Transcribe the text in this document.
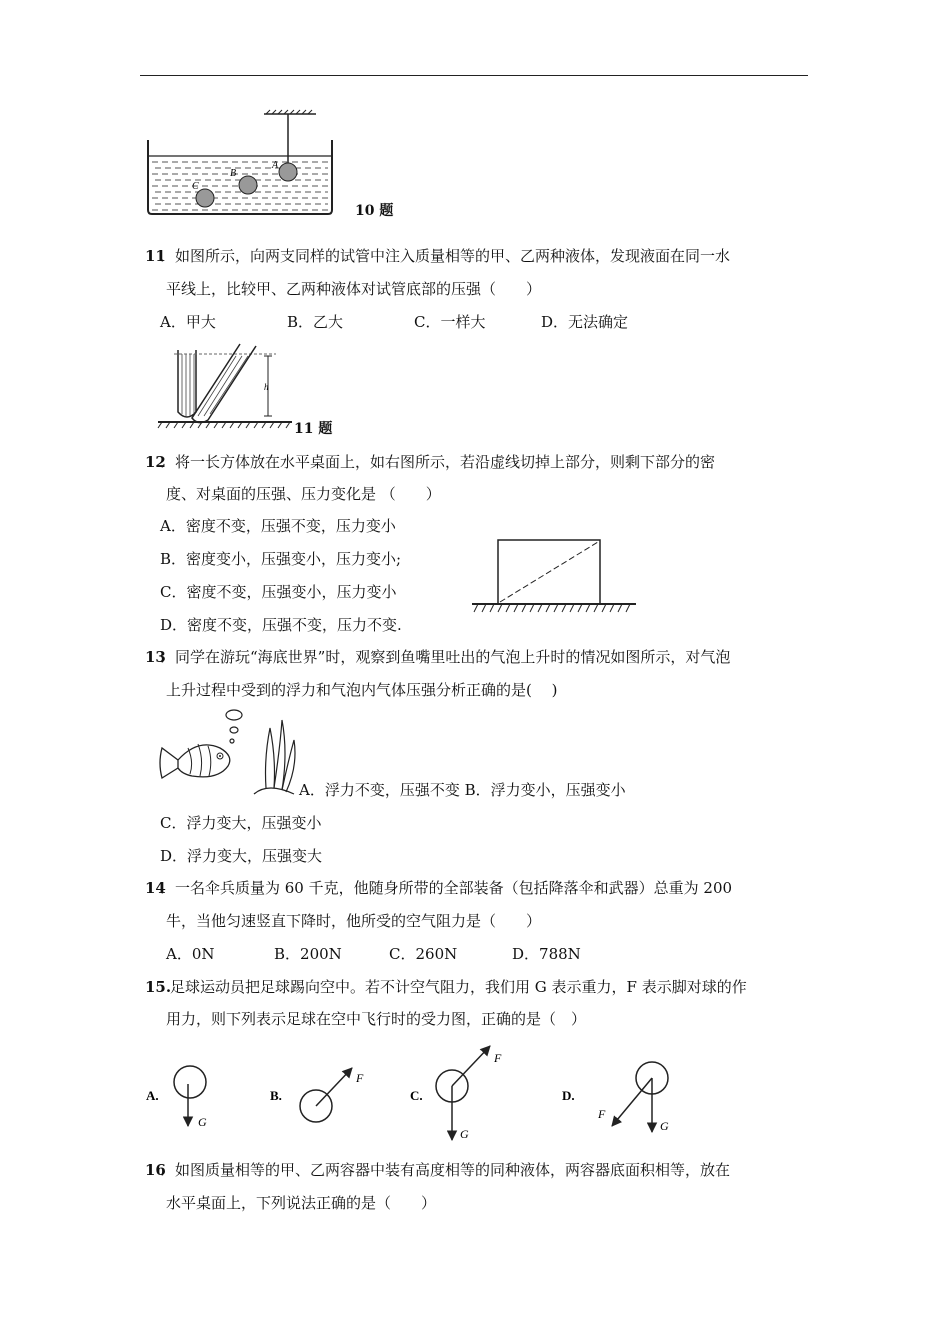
A
B
C
10 题
11
．如图所示，向两支同样的试管中注入质量相等的甲、乙两种液体，发现液面在同一水
平线上，比较甲、乙两种液体对试管底部的压强（　　）
A．甲大	B．乙大	C．一样大	D．无法确定
h
11 题
12
．将一长方体放在水平桌面上，如右图所示，若沿虚线切掉上部分，则剩下部分的密
度、对桌面的压强、压力变化是 （　　）
A．密度不变，压强不变，压力变小
B．密度变小，压强变小，压力变小;
C．密度不变，压强变小，压力变小
D．密度不变，压强不变，压力不变.
13
．同学在游玩“海底世界”时，观察到鱼嘴里吐出的气泡上升时的情况如图所示，对气泡
上升过程中受到的浮力和气泡内气体压强分析正确的是(　 )
A．浮力不变，压强不变 B．浮力变小，压强变小
C．浮力变大，压强变小
D．浮力变大，压强变大
14
．一名伞兵质量为 60 千克，他随身所带的全部装备（包括降落伞和武器）总重为 200
牛，当他匀速竖直下降时，他所受的空气阻力是（　　）
A．0N	B．200N	C．260N	D．788N
15.
足球运动员把足球踢向空中。若不计空气阻力，我们用 G 表示重力，F 表示脚对球的作
用力，则下列表示足球在空中飞行时的受力图，正确的是（　）
A.
G
B.
F
C.
F
G
D.
F
G
16
．如图质量相等的甲、乙两容器中装有高度相等的同种液体，两容器底面积相等，放在
水平桌面上，下列说法正确的是（　　）
